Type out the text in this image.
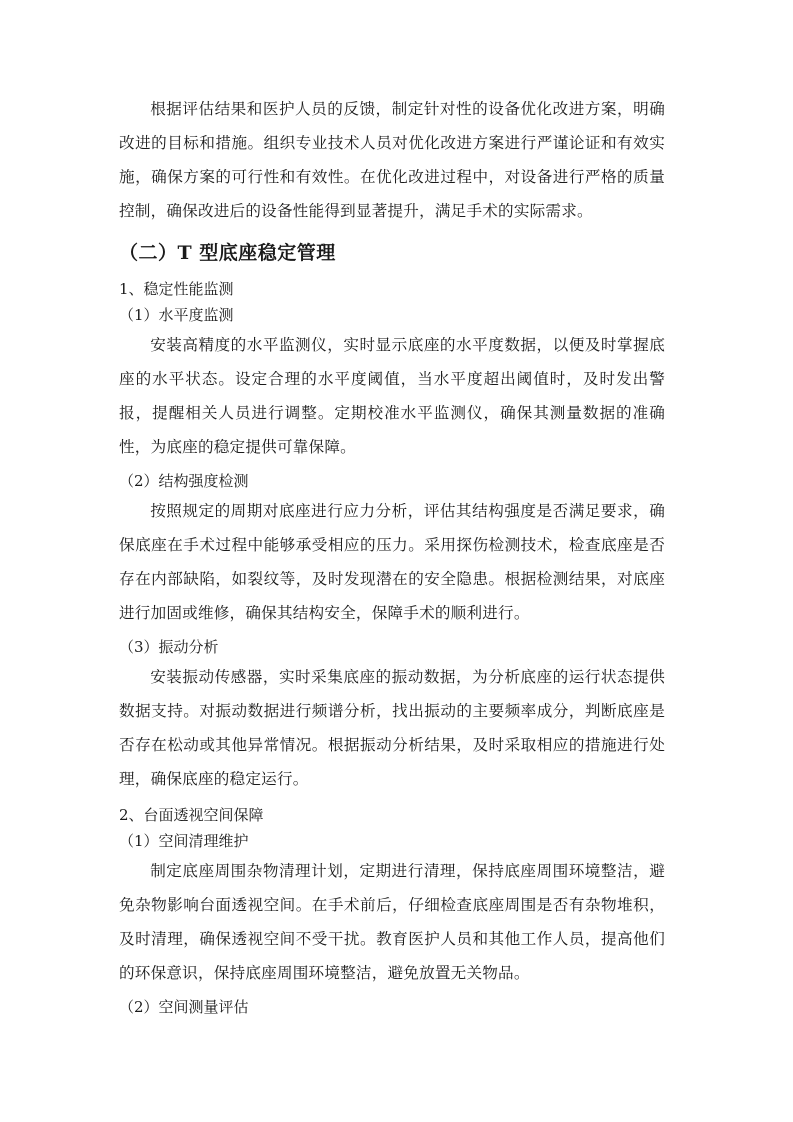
根据评估结果和医护人员的反馈，制定针对性的设备优化改进方案，明确改进的目标和措施。组织专业技术人员对优化改进方案进行严谨论证和有效实施，确保方案的可行性和有效性。在优化改进过程中，对设备进行严格的质量控制，确保改进后的设备性能得到显著提升，满足手术的实际需求。

（二）T 型底座稳定管理
1、稳定性能监测
（1）水平度监测

安装高精度的水平监测仪，实时显示底座的水平度数据，以便及时掌握底座的水平状态。设定合理的水平度阈值，当水平度超出阈值时，及时发出警报，提醒相关人员进行调整。定期校准水平监测仪，确保其测量数据的准确性，为底座的稳定提供可靠保障。

（2）结构强度检测

按照规定的周期对底座进行应力分析，评估其结构强度是否满足要求，确保底座在手术过程中能够承受相应的压力。采用探伤检测技术，检查底座是否存在内部缺陷，如裂纹等，及时发现潜在的安全隐患。根据检测结果，对底座进行加固或维修，确保其结构安全，保障手术的顺利进行。

（3）振动分析

安装振动传感器，实时采集底座的振动数据，为分析底座的运行状态提供数据支持。对振动数据进行频谱分析，找出振动的主要频率成分，判断底座是否存在松动或其他异常情况。根据振动分析结果，及时采取相应的措施进行处理，确保底座的稳定运行。

2、台面透视空间保障
（1）空间清理维护

制定底座周围杂物清理计划，定期进行清理，保持底座周围环境整洁，避免杂物影响台面透视空间。在手术前后，仔细检查底座周围是否有杂物堆积，及时清理，确保透视空间不受干扰。教育医护人员和其他工作人员，提高他们的环保意识，保持底座周围环境整洁，避免放置无关物品。

（2）空间测量评估
